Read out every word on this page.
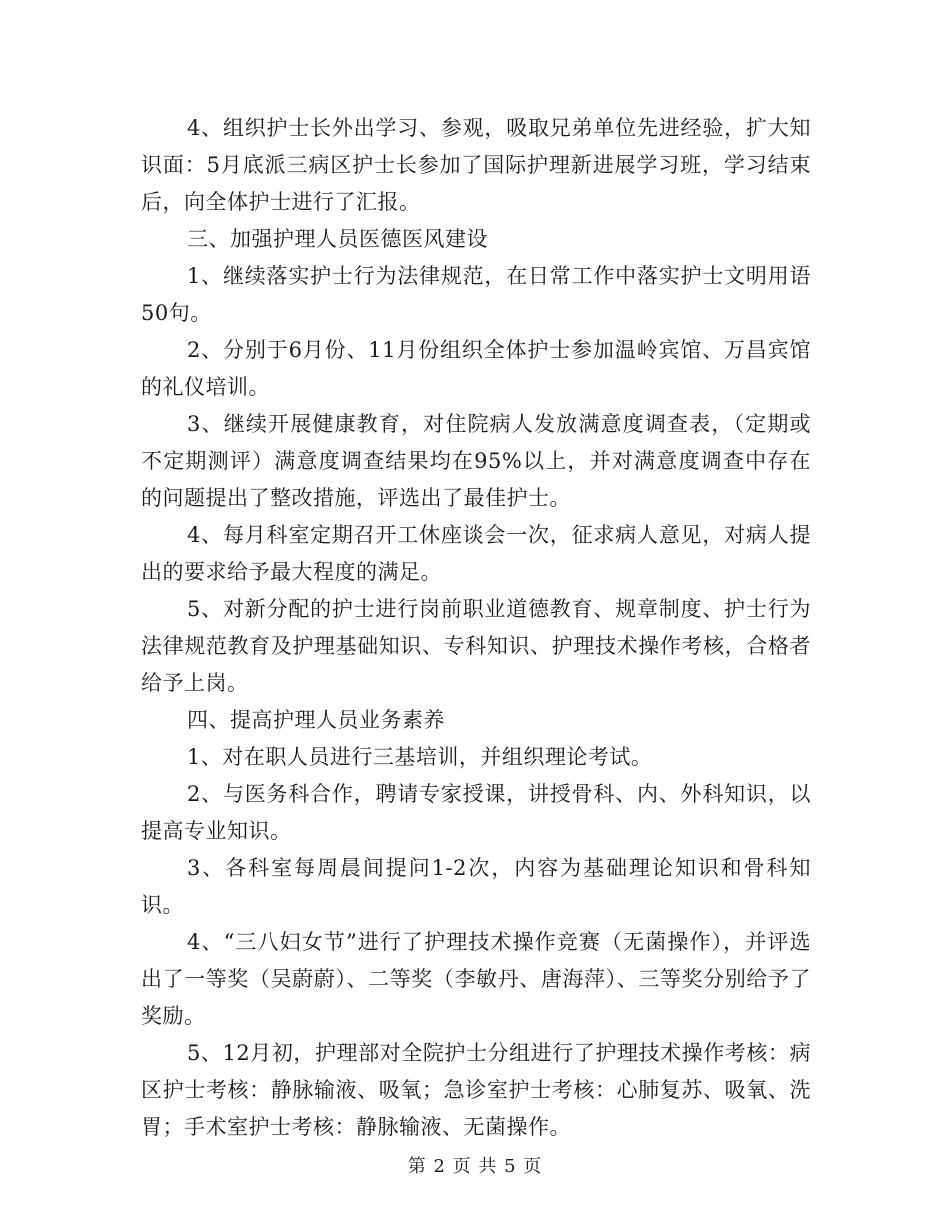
4、组织护士长外出学习、参观，吸取兄弟单位先进经验，扩大知识面：5月底派三病区护士长参加了国际护理新进展学习班，学习结束后，向全体护士进行了汇报。

三、加强护理人员医德医风建设

1、继续落实护士行为法律规范，在日常工作中落实护士文明用语50句。

2、分别于6月份、11月份组织全体护士参加温岭宾馆、万昌宾馆的礼仪培训。

3、继续开展健康教育，对住院病人发放满意度调查表，（定期或不定期测评）满意度调查结果均在95%以上，并对满意度调查中存在的问题提出了整改措施，评选出了最佳护士。

4、每月科室定期召开工休座谈会一次，征求病人意见，对病人提出的要求给予最大程度的满足。

5、对新分配的护士进行岗前职业道德教育、规章制度、护士行为法律规范教育及护理基础知识、专科知识、护理技术操作考核，合格者给予上岗。

四、提高护理人员业务素养

1、对在职人员进行三基培训，并组织理论考试。

2、与医务科合作，聘请专家授课，讲授骨科、内、外科知识，以提高专业知识。

3、各科室每周晨间提问1-2次，内容为基础理论知识和骨科知识。

4、“三八妇女节”进行了护理技术操作竞赛（无菌操作），并评选出了一等奖（吴蔚蔚）、二等奖（李敏丹、唐海萍）、三等奖分别给予了奖励。

5、12月初，护理部对全院护士分组进行了护理技术操作考核：病区护士考核：静脉输液、吸氧；急诊室护士考核：心肺复苏、吸氧、洗胃；手术室护士考核：静脉输液、无菌操作。

第 2 页 共 5 页
